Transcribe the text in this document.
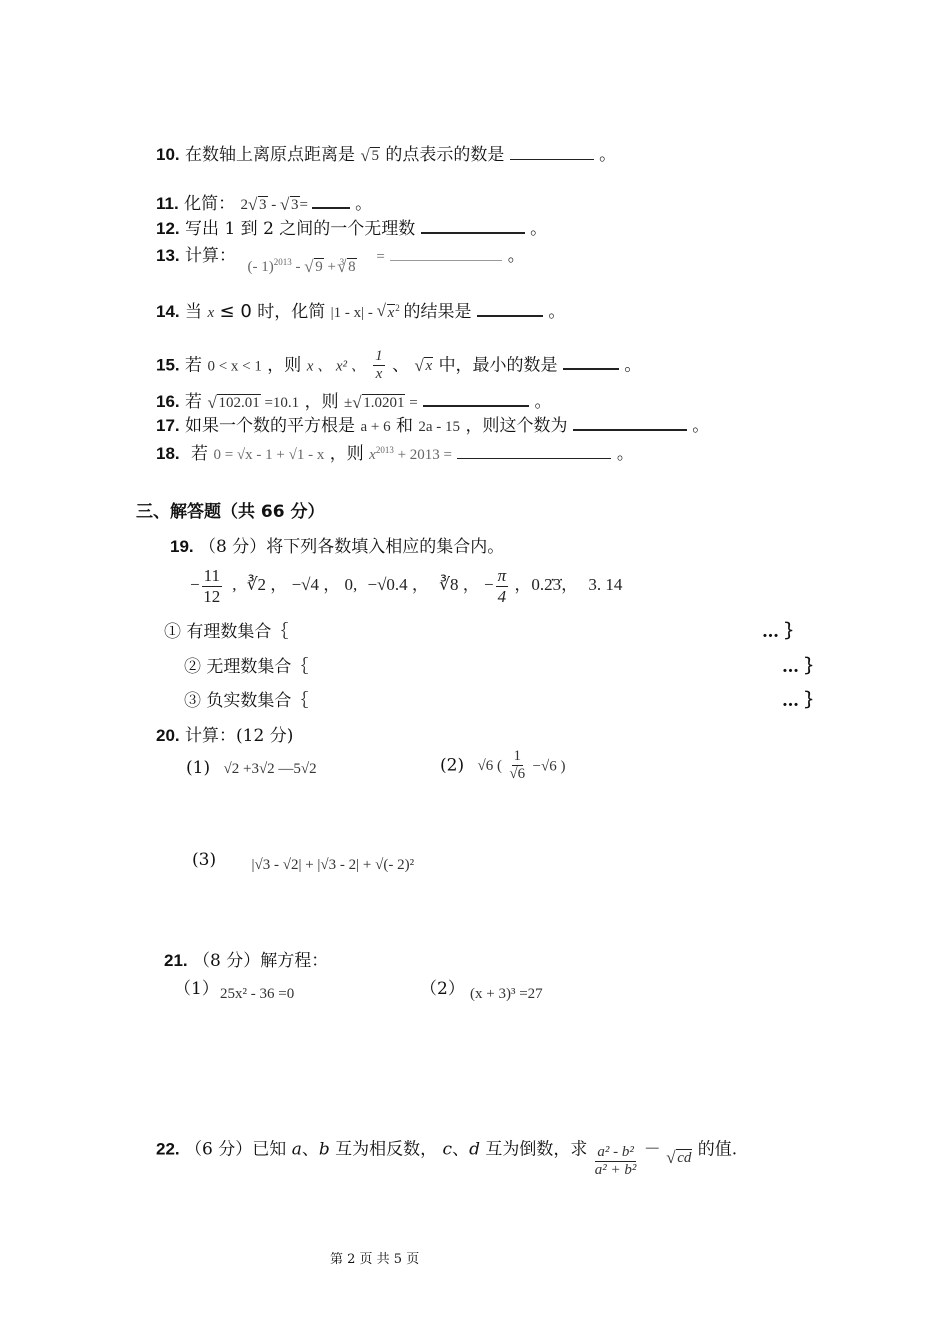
10. 在数轴上离原点距离是 √ 5 的点表示的数是	。
11. 化简： 2 √ 3 - √ 3=	。
12. 写出 1 到 2 之间的一个无理数	。
13. 计算： (- 1)$^{2013}$ - √ 9 + $^3$ √ 8 =	。
14. 当 x ≤ 0 时，化简 |1 - x| - √ $x^2$ 的结果是	。
15. 若 0 < x < 1 ，则 x 、 x² 、 $\frac{1}{x}$ 、 √ x 中，最小的数是	。
16. 若 √ 102.01 =10.1 ，则 ± √ 1.0201 =	。
17. 如果一个数的平方根是 a + 6 和 2a - 15 ，则这个数为	。
18. 若 0 = √x - 1 + √1 - x ，则 $x^{2013} + 2013$ =	。
三、解答题（共 66 分）
19. （8 分）将下列各数填入相应的集合内。
− $\frac{11}{12}$ , ∛2 ， −√4 ， 0, −√0.4 ， ∛8 ， − $\frac{\pi}{4}$ ，0.2̇3̇， 3. 14
① 有理数集合｛	… ｝
② 无理数集合｛	… ｝
③ 负实数集合｛	… ｝
20. 计算：(12 分)
(1) √2 +3√2 —5√2	(2) √6 ( $\frac{1}{√6} -√6$ )
(3) |√3 - √2| + |√3 - 2| + √(- 2)²
21. （8 分）解方程：
（1） 25x² - 36 =0	（2） (x + 3)³ =27
22. （6 分）已知 a、b 互为相反数， c、d 互为倒数，求 $\frac{\text{a² - b²}}{\text{a² + b²}}$ － √ cd 的值.
第 2 页 共 5 页
